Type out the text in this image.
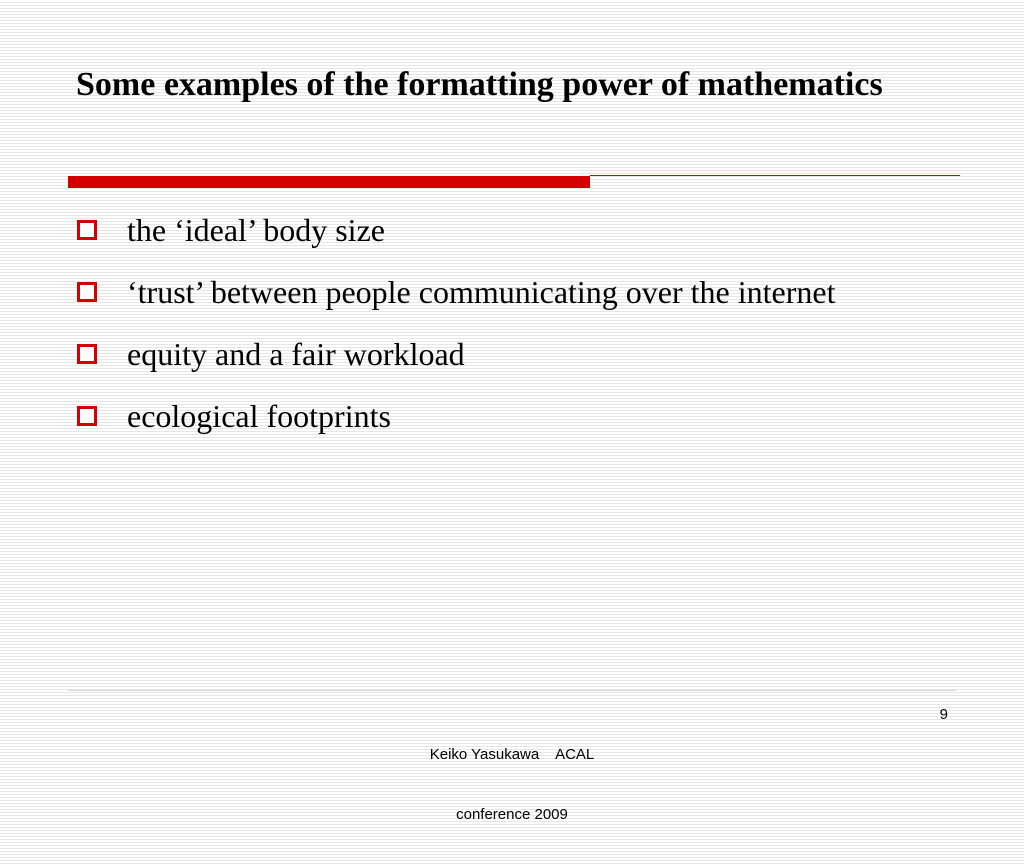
Some examples of the formatting power of mathematics
the ‘ideal’ body size
‘trust’ between people communicating over the internet
equity and a fair workload
ecological footprints

Keiko Yasukawa    ACAL

conference 2009

9
